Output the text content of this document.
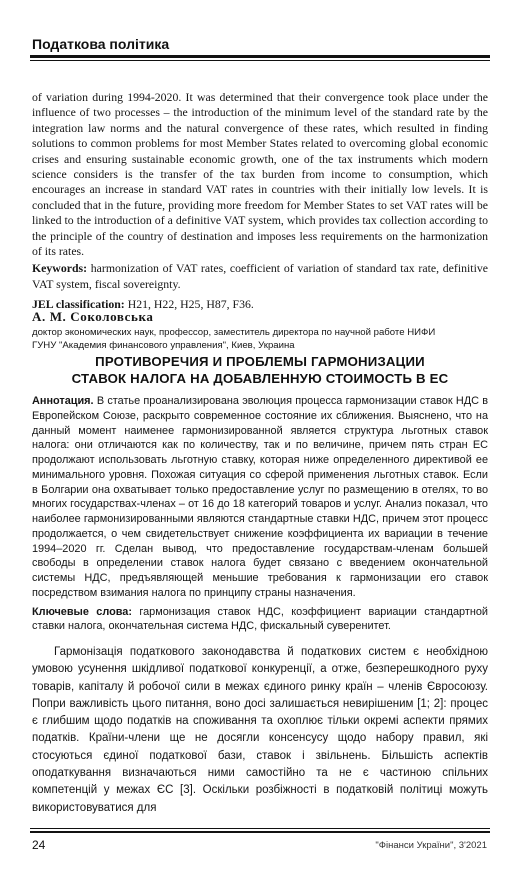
Податкова політика

of variation during 1994-2020. It was determined that their convergence took place under the influence of two processes – the introduction of the minimum level of the standard rate by the integration law norms and the natural convergence of these rates, which resulted in finding solutions to common problems for most Member States related to overcoming global economic crises and ensuring sustainable economic growth, one of the tax instruments which modern science considers is the transfer of the tax burden from income to consumption, which encourages an increase in standard VAT rates in countries with their initially low levels. It is concluded that in the future, providing more freedom for Member States to set VAT rates will be linked to the introduction of a definitive VAT system, which provides tax collection according to the principle of the country of destination and imposes less requirements on the harmonization of its rates.

Keywords: harmonization of VAT rates, coefficient of variation of standard tax rate, definitive VAT system, fiscal sovereignty.

JEL classification: H21, H22, H25, H87, F36.

А. М. Соколовська

доктор экономических наук, профессор, заместитель директора по научной работе НИФИ

ГУНУ "Академия финансового управления", Киев, Украина

ПРОТИВОРЕЧИЯ И ПРОБЛЕМЫ ГАРМОНИЗАЦИИ
СТАВОК НАЛОГА НА ДОБАВЛЕННУЮ СТОИМОСТЬ В ЕС

Аннотация. В статье проанализирована эволюция процесса гармонизации ставок НДС в Европейском Союзе, раскрыто современное состояние их сближения. Выяснено, что на данный момент наименее гармонизированной является структура льготных ставок налога: они отличаются как по количеству, так и по величине, причем пять стран ЕС продолжают использовать льготную ставку, которая ниже определенного директивой ее минимального уровня. Похожая ситуация со сферой применения льготных ставок. Если в Болгарии она охватывает только предоставление услуг по размещению в отелях, то во многих государствах-членах – от 16 до 18 категорий товаров и услуг. Анализ показал, что наиболее гармонизированными являются стандартные ставки НДС, причем этот процесс продолжается, о чем свидетельствует снижение коэффициента их вариации в течение 1994–2020 гг. Сделан вывод, что предоставление государствам-членам большей свободы в определении ставок налога будет связано с введением окончательной системы НДС, предъявляющей меньшие требования к гармонизации его ставок посредством взимания налога по принципу страны назначения.

Ключевые слова: гармонизация ставок НДС, коэффициент вариации стандартной ставки налога, окончательная система НДС, фискальный суверенитет.

Гармонізація податкового законодавства й податкових систем є необхідною умовою усунення шкідливої податкової конкуренції, а отже, безперешкодного руху товарів, капіталу й робочої сили в межах єдиного ринку країн – членів Євросоюзу. Попри важливість цього питання, воно досі залишається невирішеним [1; 2]: процес є глибшим щодо податків на споживання та охоплює тільки окремі аспекти прямих податків. Країни-члени ще не досягли консенсусу щодо набору правил, які стосуються єдиної податкової бази, ставок і звільнень. Більшість аспектів оподаткування визначаються ними самостійно та не є частиною спільних компетенцій у межах ЄС [3]. Оскільки розбіжності в податковій політиці можуть використовуватися для

24	"Фінанси України", 3'2021
